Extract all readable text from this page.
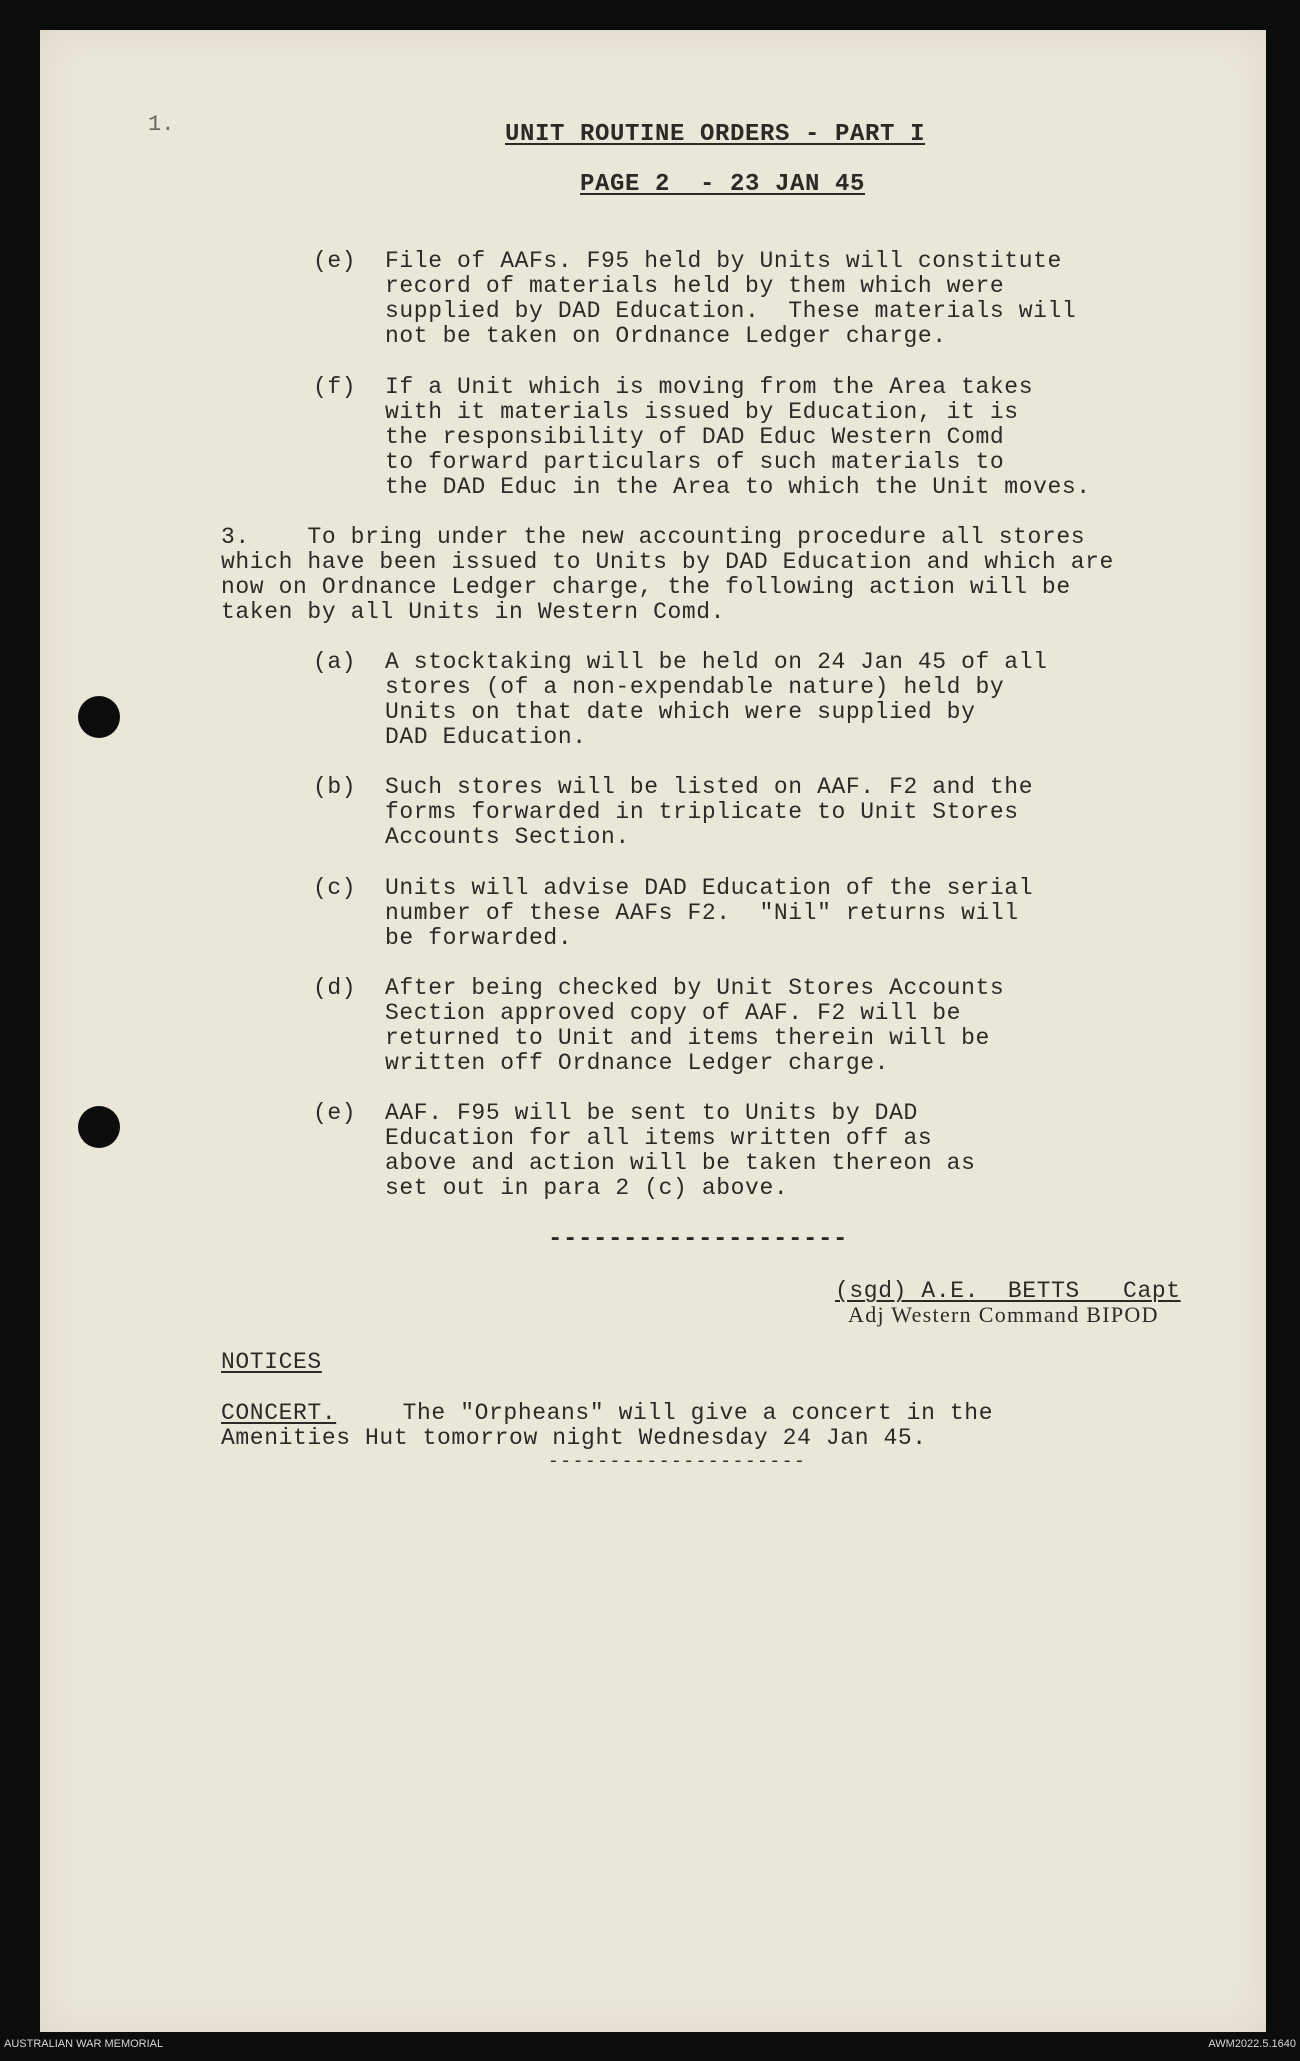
1.	UNIT ROUTINE ORDERS - PART I
PAGE 2  - 23 JAN 45
(e) File of AAFs. F95 held by Units will constitute
record of materials held by them which were
supplied by DAD Education.  These materials will
not be taken on Ordnance Ledger charge.
(f) If a Unit which is moving from the Area takes
with it materials issued by Education, it is
the responsibility of DAD Educ Western Comd
to forward particulars of such materials to
the DAD Educ in the Area to which the Unit moves.
3.    To bring under the new accounting procedure all stores
which have been issued to Units by DAD Education and which are
now on Ordnance Ledger charge, the following action will be
taken by all Units in Western Comd.
(a) A stocktaking will be held on 24 Jan 45 of all
stores (of a non-expendable nature) held by
Units on that date which were supplied by
DAD Education.
(b) Such stores will be listed on AAF. F2 and the
forms forwarded in triplicate to Unit Stores
Accounts Section.
(c) Units will advise DAD Education of the serial
number of these AAFs F2.  "Nil" returns will
be forwarded.
(d) After being checked by Unit Stores Accounts
Section approved copy of AAF. F2 will be
returned to Unit and items therein will be
written off Ordnance Ledger charge.
(e) AAF. F95 will be sent to Units by DAD
Education for all items written off as
above and action will be taken thereon as
set out in para 2 (c) above.
--------------------
(sgd) A.E.  BETTS   Capt
Adj Western Command BIPOD
NOTICES
CONCERT. The "Orpheans" will give a concert in the
Amenities Hut tomorrow night Wednesday 24 Jan 45.
---------------------
AUSTRALIAN WAR MEMORIAL	AWM2022.5.1640
